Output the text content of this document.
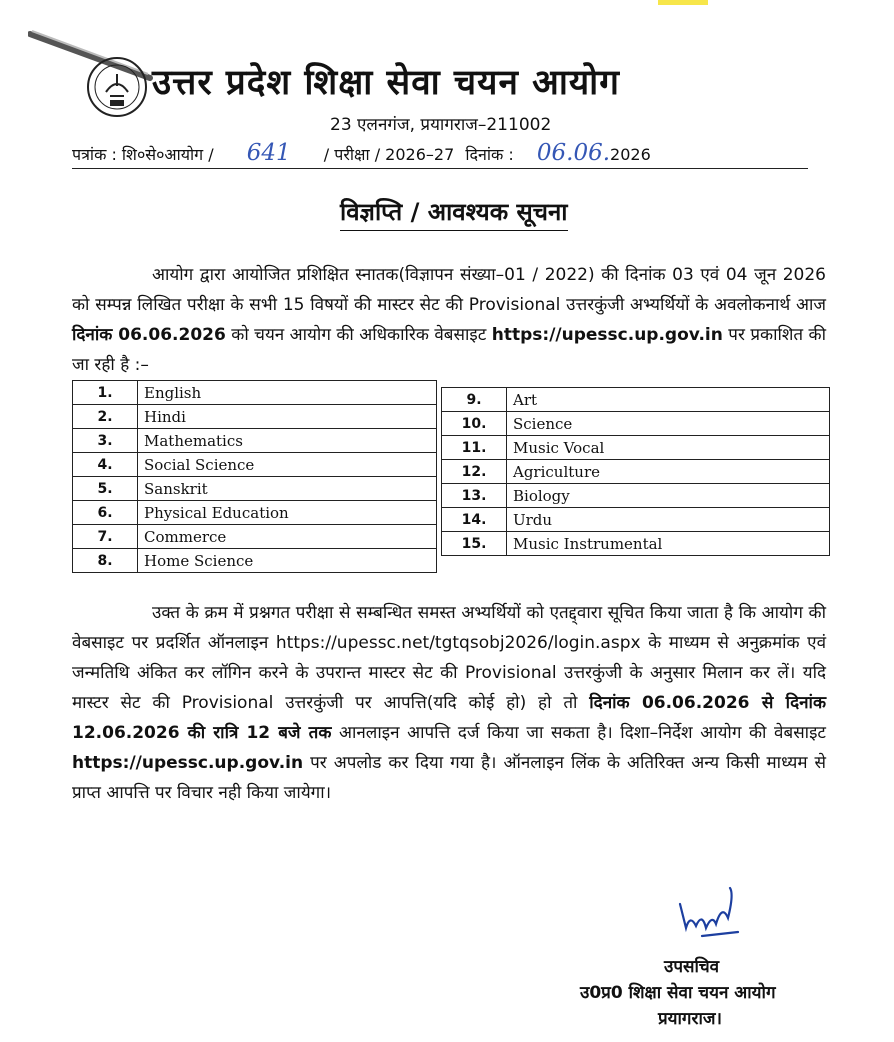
उत्तर प्रदेश शिक्षा सेवा चयन आयोग
23 एलनगंज, प्रयागराज–211002
पत्रांक : शि०से०आयोग / 641 / परीक्षा / 2026–27 दिनांक : 06.06.2026
विज्ञप्ति / आवश्यक सूचना
आयोग द्वारा आयोजित प्रशिक्षित स्नातक(विज्ञापन संख्या–01 / 2022) की दिनांक 03 एवं 04 जून 2026 को सम्पन्न लिखित परीक्षा के सभी 15 विषयों की मास्टर सेट की Provisional उत्तरकुंजी अभ्यर्थियों के अवलोकनार्थ आज दिनांक 06.06.2026 को चयन आयोग की अधिकारिक वेबसाइट https://upessc.up.gov.in पर प्रकाशित की जा रही है :–
1.	English
2.	Hindi
3.	Mathematics
4.	Social Science
5.	Sanskrit
6.	Physical Education
7.	Commerce
8.	Home Science
9.	Art
10.	Science
11.	Music Vocal
12.	Agriculture
13.	Biology
14.	Urdu
15.	Music Instrumental
उक्त के क्रम में प्रश्नगत परीक्षा से सम्बन्धित समस्त अभ्यर्थियों को एतद्द्वारा सूचित किया जाता है कि आयोग की वेबसाइट पर प्रदर्शित ऑनलाइन https://upessc.net/tgtqsobj2026/login.aspx के माध्यम से अनुक्रमांक एवं जन्मतिथि अंकित कर लॉगिन करने के उपरान्त मास्टर सेट की Provisional उत्तरकुंजी के अनुसार मिलान कर लें। यदि मास्टर सेट की Provisional उत्तरकुंजी पर आपत्ति(यदि कोई हो) हो तो दिनांक 06.06.2026 से दिनांक 12.06.2026 की रात्रि 12 बजे तक आनलाइन आपत्ति दर्ज किया जा सकता है। दिशा–निर्देश आयोग की वेबसाइट https://upessc.up.gov.in पर अपलोड कर दिया गया है। ऑनलाइन लिंक के अतिरिक्त अन्य किसी माध्यम से प्राप्त आपत्ति पर विचार नही किया जायेगा।
उपसचिव
उ0प्र0 शिक्षा सेवा चयन आयोग
प्रयागराज।
